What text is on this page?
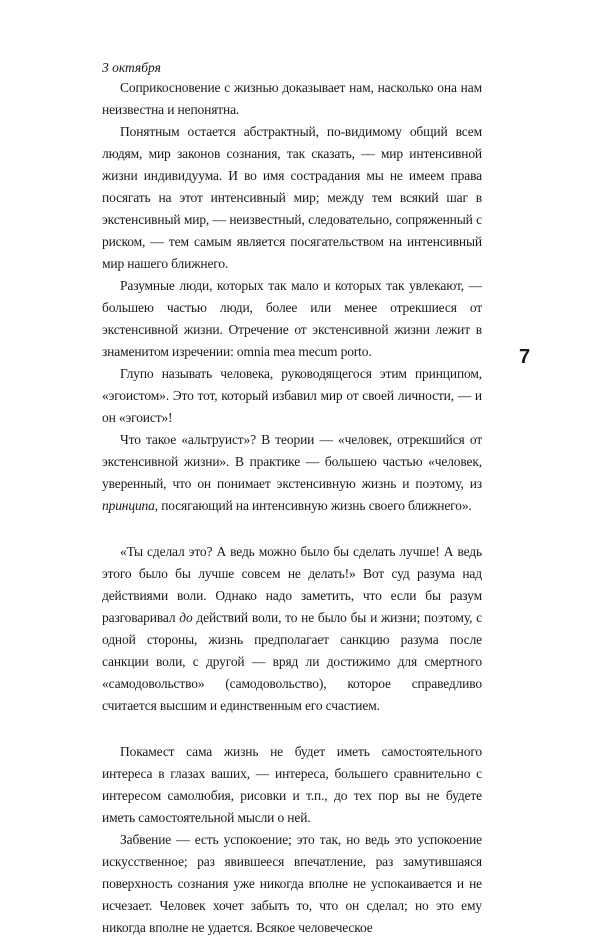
3 октября

Соприкосновение с жизнью доказывает нам, насколько она нам неизвестна и непонятна.

Понятным остается абстрактный, по-видимому общий всем людям, мир законов сознания, так сказать, — мир интенсивной жизни индивидуума. И во имя сострадания мы не имеем права посягать на этот интенсивный мир; между тем всякий шаг в экстенсивный мир, — неизвестный, следовательно, сопряженный с риском, — тем самым является посягательством на интенсивный мир нашего ближнего.

Разумные люди, которых так мало и которых так увлекают, — большею частью люди, более или менее отрекшиеся от экстенсивной жизни. Отречение от экстенсивной жизни лежит в знаменитом изречении: omnia mea mecum porto.

Глупо называть человека, руководящегося этим принципом, «эгоистом». Это тот, который избавил мир от своей личности, — и он «эгоист»!

Что такое «альтруист»? В теории — «человек, отрекшийся от экстенсивной жизни». В практике — большею частью «человек, уверенный, что он понимает экстенсивную жизнь и поэтому, из принципа, посягающий на интенсивную жизнь своего ближнего».

«Ты сделал это? А ведь можно было бы сделать лучше! А ведь этого было бы лучше совсем не делать!» Вот суд разума над действиями воли. Однако надо заметить, что если бы разум разговаривал до действий воли, то не было бы и жизни; поэтому, с одной стороны, жизнь предполагает санкцию разума после санкции воли, с другой — вряд ли достижимо для смертного «самодовольство» (самодовольство), которое справедливо считается высшим и единственным его счастием.

Покамест сама жизнь не будет иметь самостоятельного интереса в глазах ваших, — интереса, большего сравнительно с интересом самолюбия, рисовки и т.п., до тех пор вы не будете иметь самостоятельной мысли о ней.

Забвение — есть успокоение; это так, но ведь это успокоение искусственное; раз явившееся впечатление, раз замутившаяся поверхность сознания уже никогда вполне не успокаивается и не исчезает. Человек хочет забыть то, что он сделал; но это ему никогда вполне не удается. Всякое человеческое

7
